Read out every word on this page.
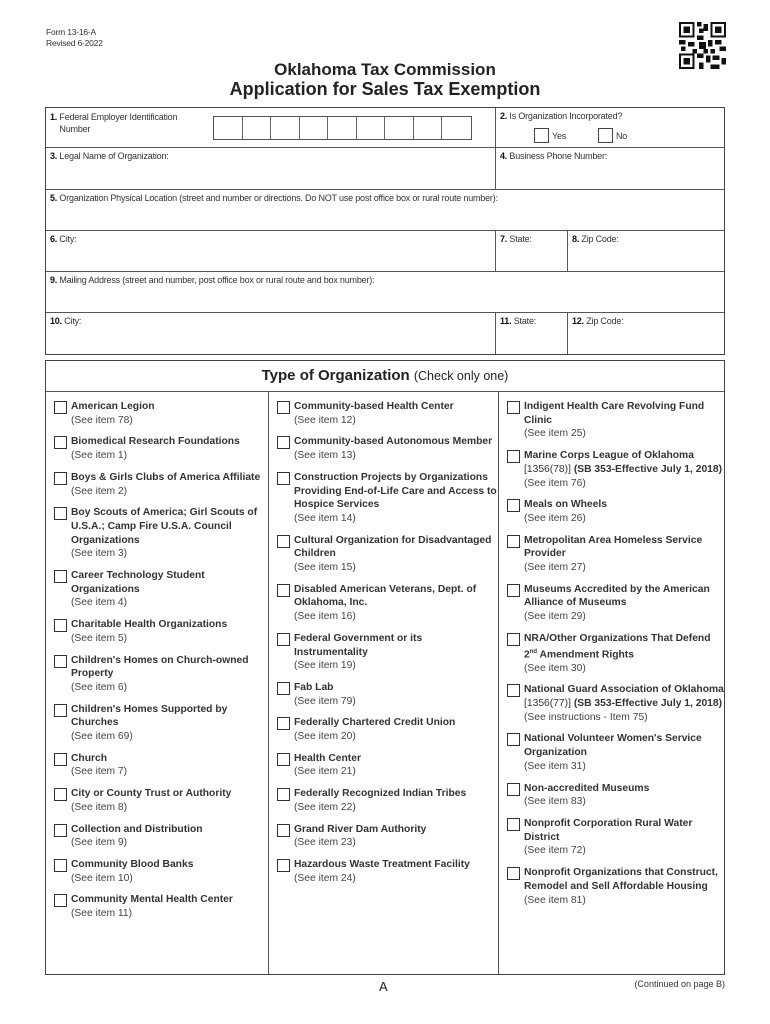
Form 13-16-A
Revised 6-2022
Oklahoma Tax Commission
Application for Sales Tax Exemption
1. Federal Employer Identification Number
2. Is Organization Incorporated?
Yes	No
3. Legal Name of Organization:	4. Business Phone Number:
5. Organization Physical Location (street and number or directions. Do NOT use post office box or rural route number):
6. City:	7. State:	8. Zip Code:
9. Mailing Address (street and number, post office box or rural route and box number):
10. City:	11. State:	12. Zip Code:
Type of Organization (Check only one)
American Legion
(See item 78)
Biomedical Research Foundations
(See item 1)
Boys & Girls Clubs of America Affiliate
(See item 2)
Boy Scouts of America; Girl Scouts of U.S.A.; Camp Fire U.S.A. Council Organizations
(See item 3)
Career Technology Student Organizations
(See item 4)
Charitable Health Organizations
(See item 5)
Children's Homes on Church-owned Property
(See item 6)
Children's Homes Supported by Churches
(See item 69)
Church
(See item 7)
City or County Trust or Authority
(See item 8)
Collection and Distribution
(See item 9)
Community Blood Banks
(See item 10)
Community Mental Health Center
(See item 11)
Community-based Health Center
(See item 12)
Community-based Autonomous Member
(See item 13)
Construction Projects by Organizations Providing End-of-Life Care and Access to Hospice Services
(See item 14)
Cultural Organization for Disadvantaged Children
(See item 15)
Disabled American Veterans, Dept. of Oklahoma, Inc.
(See item 16)
Federal Government or its Instrumentality
(See item 19)
Fab Lab
(See item 79)
Federally Chartered Credit Union
(See item 20)
Health Center
(See item 21)
Federally Recognized Indian Tribes
(See item 22)
Grand River Dam Authority
(See item 23)
Hazardous Waste Treatment Facility
(See item 24)
Indigent Health Care Revolving Fund Clinic
(See item 25)
Marine Corps League of Oklahoma [1356(78)] (SB 353-Effective July 1, 2018)
(See item 76)
Meals on Wheels
(See item 26)
Metropolitan Area Homeless Service Provider
(See item 27)
Museums Accredited by the American Alliance of Museums
(See item 29)
NRA/Other Organizations That Defend 2nd Amendment Rights
(See item 30)
National Guard Association of Oklahoma [1356(77)] (SB 353-Effective July 1, 2018)
(See instructions - Item 75)
National Volunteer Women's Service Organization
(See item 31)
Non-accredited Museums
(See item 83)
Nonprofit Corporation Rural Water District
(See item 72)
Nonprofit Organizations that Construct, Remodel and Sell Affordable Housing
(See item 81)
A	(Continued on page B)
